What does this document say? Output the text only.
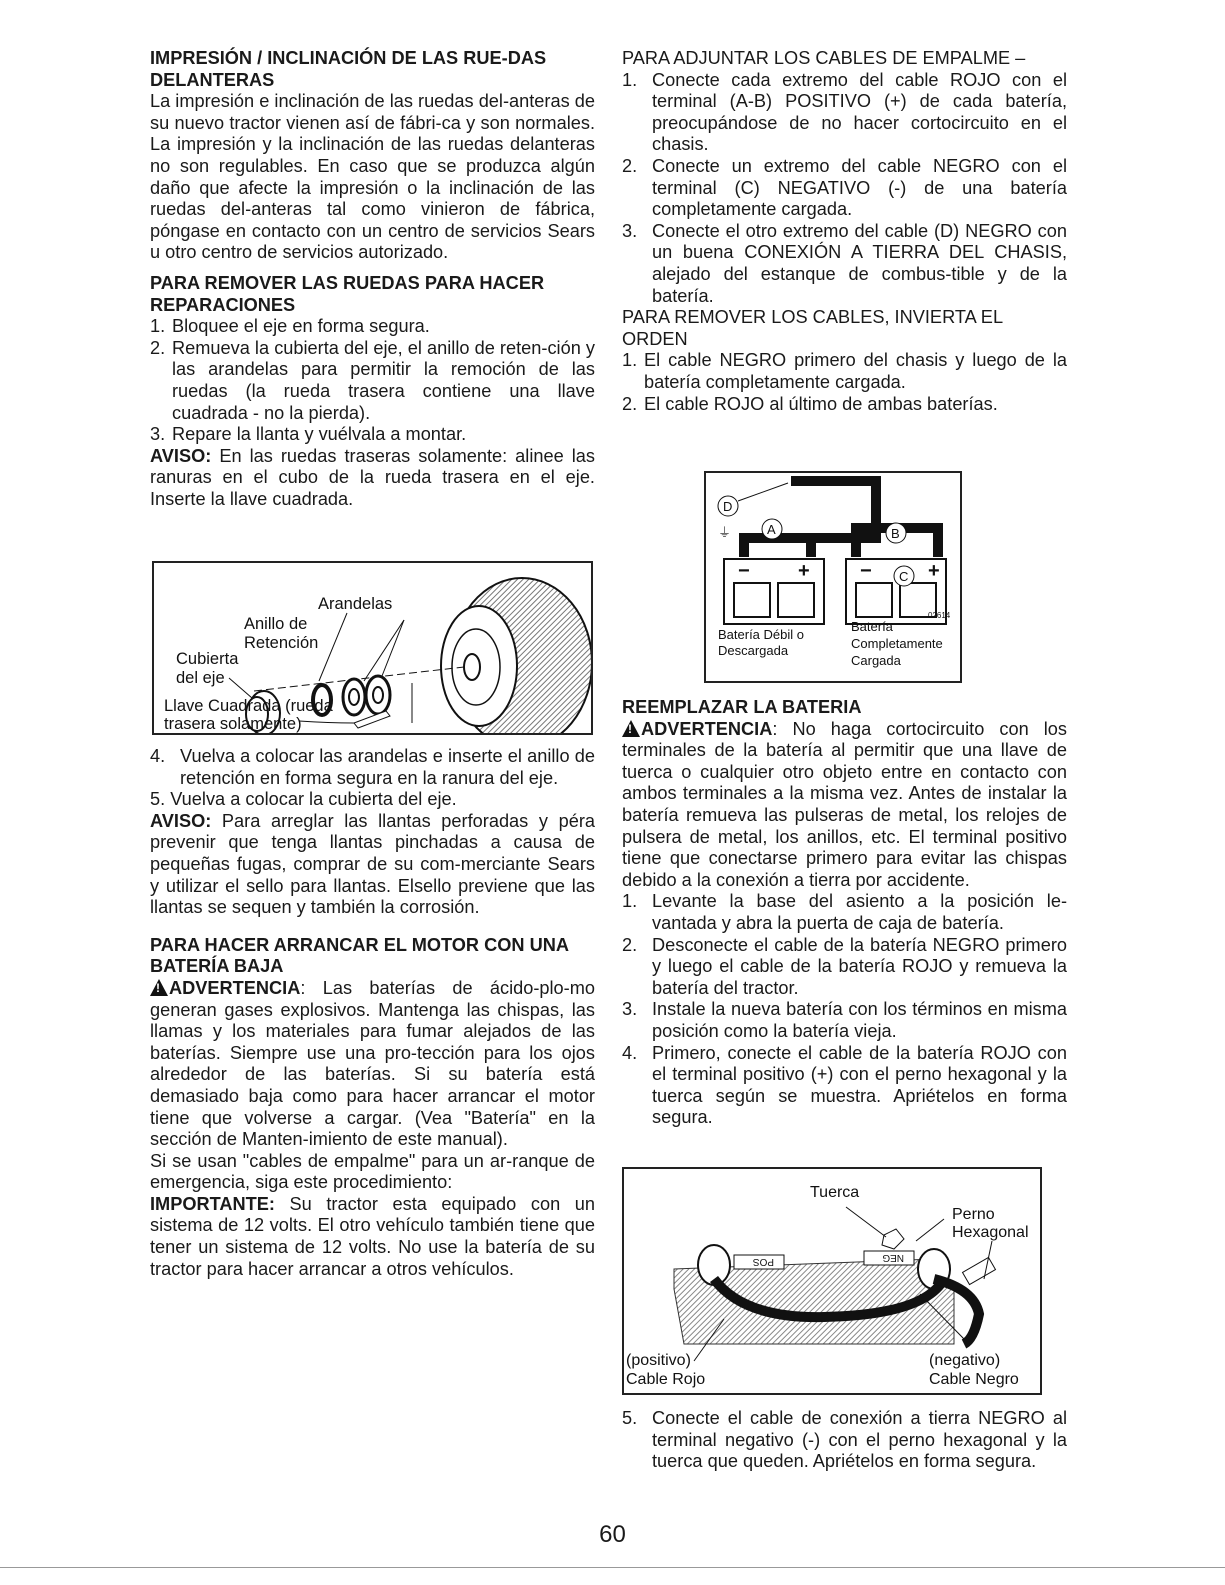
IMPRESIÓN / INCLINACIÓN DE LAS RUE-DAS DELANTERAS

La impresión e inclinación de las ruedas del-anteras de su nuevo tractor vienen así de fábri-ca y son normales. La impresión y la inclinación de las ruedas delanteras no son regulables. En caso que se produzca algún daño que afecte la impresión o la inclinación de las ruedas del-anteras tal como vinieron de fábrica, póngase en contacto con un centro de servicios Sears u otro centro de servicios autorizado.

PARA REMOVER LAS RUEDAS PARA HACER REPARACIONES
1. Bloquee el eje en forma segura.
2. Remueva la cubierta del eje, el anillo de reten-ción y las arandelas para permitir la remoción de las ruedas (la rueda trasera contiene una llave cuadrada - no la pierda).
3. Repare la llanta y vuélvala a montar.

AVISO: En las ruedas traseras solamente: alinee las ranuras en el cubo de la rueda trasera en el eje. Inserte la llave cuadrada.

Arandelas
Anillo de
Retención
Cubierta
del eje
Llave Cuadrada (rueda
trasera solamente)
4. Vuelva a colocar las arandelas e inserte el anillo de retención en forma segura en la ranura del eje.

5. Vuelva a colocar la cubierta del eje.

AVISO: Para arreglar las llantas perforadas y péra prevenir que tenga llantas pinchadas a causa de pequeñas fugas, comprar de su com-merciante Sears y utilizar el sello para llantas. Elsello previene que las llantas se sequen y también la corrosión.

PARA HACER ARRANCAR EL MOTOR CON UNA BATERÍA BAJA

!ADVERTENCIA: Las baterías de ácido-plo-mo generan gases explosivos. Mantenga las chispas, las llamas y los materiales para fumar alejados de las baterías. Siempre use una pro-tección para los ojos alrededor de las baterías. Si su batería está demasiado baja como para hacer arrancar el motor tiene que volverse a cargar. (Vea "Batería" en la sección de Manten-imiento de este manual).

Si se usan "cables de empalme" para un ar-ranque de emergencia, siga este procedimiento:

IMPORTANTE: Su tractor esta equipado con un sistema de 12 volts. El otro vehículo también tiene que tener un sistema de 12 volts. No use la batería de su tractor para hacer arrancar a otros vehículos.

PARA ADJUNTAR LOS CABLES DE EMPALME –

1. Conecte cada extremo del cable ROJO con el terminal (A-B) POSITIVO (+) de cada batería, preocupándose de no hacer cortocircuito en el chasis.
2. Conecte un extremo del cable NEGRO con el terminal (C) NEGATIVO (-) de una batería completamente cargada.
3. Conecte el otro extremo del cable (D) NEGRO con un buena CONEXIÓN A TIERRA DEL CHASIS, alejado del estanque de combus-tible y de la batería.

PARA REMOVER LOS CABLES, INVIERTA EL ORDEN

1. El cable NEGRO primero del chasis y luego de la batería completamente cargada.
2. El cable ROJO al último de ambas baterías.
− +	−	+
D
⏚	A	B
C
02614
Batería Débil o
Descargada
Batería
Completamente
Cargada
REEMPLAZAR LA BATERIA

!ADVERTENCIA: No haga cortocircuito con los terminales de la batería al permitir que una llave de tuerca o cualquier otro objeto entre en contacto con ambos terminales a la misma vez. Antes de instalar la batería remueva las pulseras de metal, los relojes de pulsera de metal, los anillos, etc. El terminal positivo tiene que conectarse primero para evitar las chispas debido a la conexión a tierra por accidente.

1. Levante la base del asiento a la posición le-vantada y abra la puerta de caja de batería.
2. Desconecte el cable de la batería NEGRO primero y luego el cable de la batería ROJO y remueva la batería del tractor.
3. Instale la nueva batería con los términos en misma posición como la batería vieja.
4. Primero, conecte el cable de la batería ROJO con el terminal positivo (+) con el perno hexagonal y la tuerca según se muestra. Apriételos en forma segura.
POS	NEG
Tuerca
Perno
Hexagonal
(positivo)
Cable Rojo
(negativo)
Cable Negro
5. Conecte el cable de conexión a tierra NEGRO al terminal negativo (-) con el perno hexagonal y la tuerca que queden. Apriételos en forma segura.
60
